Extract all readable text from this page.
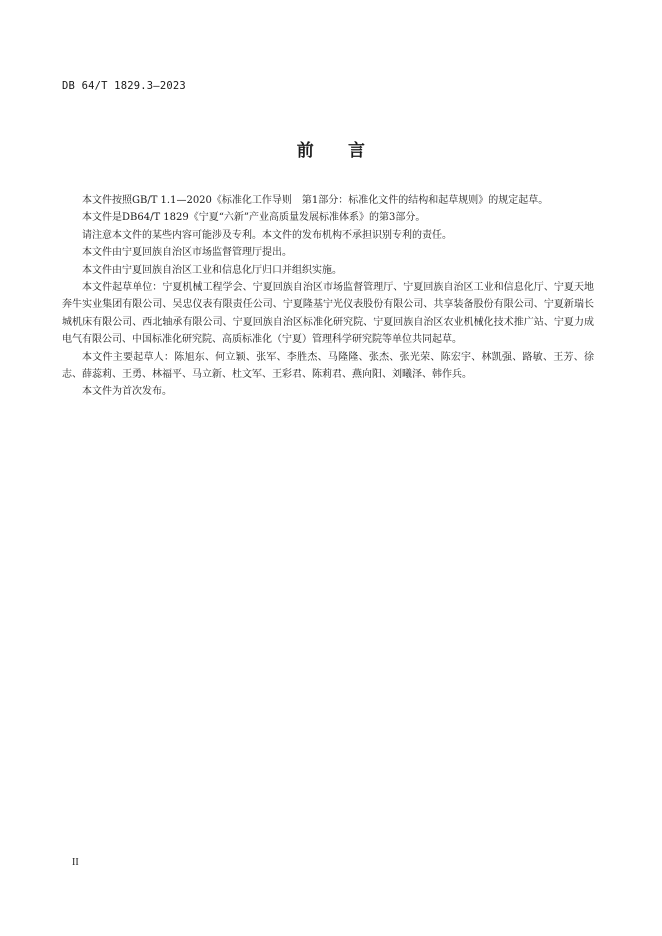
DB 64/T 1829.3—2023
前 言

本文件按照GB/T 1.1—2020《标准化工作导则　第1部分：标准化文件的结构和起草规则》的规定起草。

本文件是DB64/T 1829《宁夏“六新”产业高质量发展标准体系》的第3部分。

请注意本文件的某些内容可能涉及专利。本文件的发布机构不承担识别专利的责任。

本文件由宁夏回族自治区市场监督管理厅提出。

本文件由宁夏回族自治区工业和信息化厅归口并组织实施。

本文件起草单位：宁夏机械工程学会、宁夏回族自治区市场监督管理厅、宁夏回族自治区工业和信息化厅、宁夏天地奔牛实业集团有限公司、吴忠仪表有限责任公司、宁夏隆基宁光仪表股份有限公司、共享装备股份有限公司、宁夏新瑞长城机床有限公司、西北轴承有限公司、宁夏回族自治区标准化研究院、宁夏回族自治区农业机械化技术推广站、宁夏力成电气有限公司、中国标准化研究院、高质标准化（宁夏）管理科学研究院等单位共同起草。

本文件主要起草人：陈旭东、何立颖、张军、李胜杰、马隆隆、张杰、张光荣、陈宏宇、林凯强、路敏、王芳、徐志、薛蕊莉、王勇、林福平、马立新、杜文军、王彩君、陈莉君、燕向阳、刘曦泽、韩作兵。

本文件为首次发布。

II
